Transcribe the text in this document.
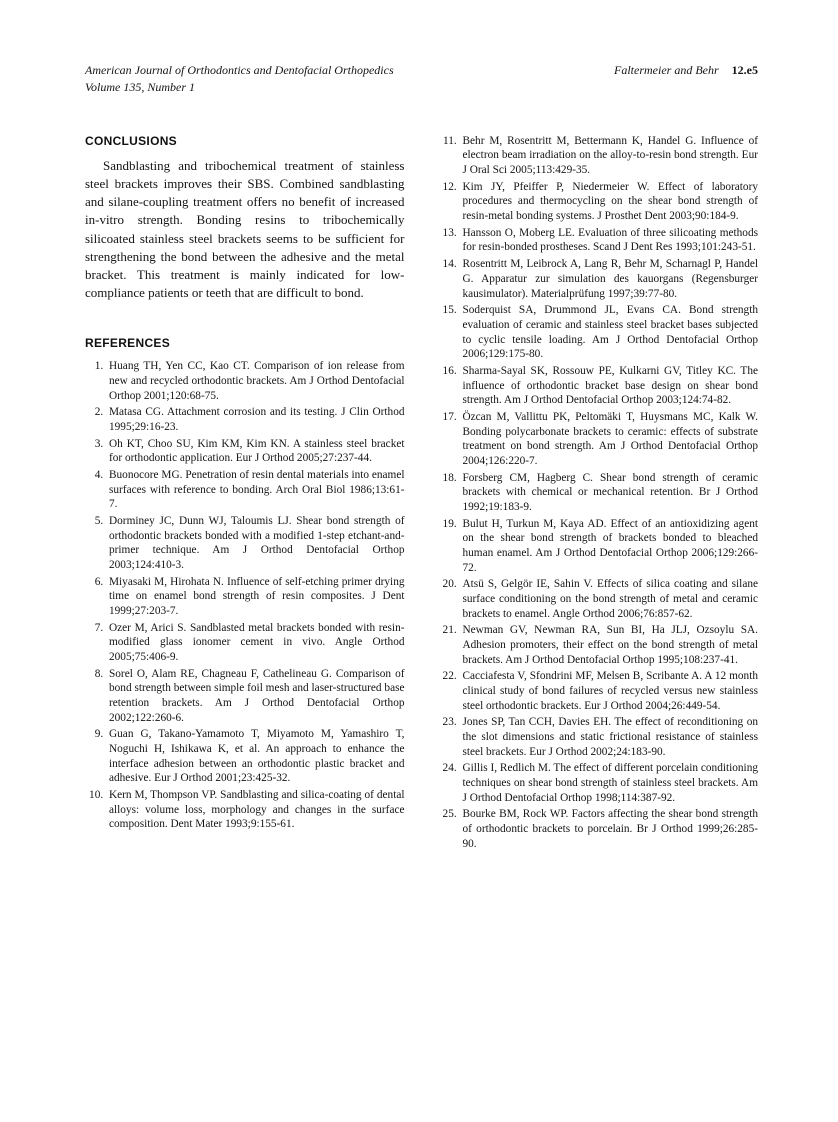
American Journal of Orthodontics and Dentofacial Orthopedics
Volume 135, Number 1
Faltermeier and Behr 12.e5
CONCLUSIONS

Sandblasting and tribochemical treatment of stainless steel brackets improves their SBS. Combined sandblasting and silane-coupling treatment offers no benefit of increased in-vitro strength. Bonding resins to tribochemically silicoated stainless steel brackets seems to be sufficient for strengthening the bond between the adhesive and the metal bracket. This treatment is mainly indicated for low-compliance patients or teeth that are difficult to bond.

REFERENCES
1. Huang TH, Yen CC, Kao CT. Comparison of ion release from new and recycled orthodontic brackets. Am J Orthod Dentofacial Orthop 2001;120:68-75.
2. Matasa CG. Attachment corrosion and its testing. J Clin Orthod 1995;29:16-23.
3. Oh KT, Choo SU, Kim KM, Kim KN. A stainless steel bracket for orthodontic application. Eur J Orthod 2005;27:237-44.
4. Buonocore MG. Penetration of resin dental materials into enamel surfaces with reference to bonding. Arch Oral Biol 1986;13:61-7.
5. Dorminey JC, Dunn WJ, Taloumis LJ. Shear bond strength of orthodontic brackets bonded with a modified 1-step etchant-and-primer technique. Am J Orthod Dentofacial Orthop 2003;124:410-3.
6. Miyasaki M, Hirohata N. Influence of self-etching primer drying time on enamel bond strength of resin composites. J Dent 1999;27:203-7.
7. Ozer M, Arici S. Sandblasted metal brackets bonded with resin-modified glass ionomer cement in vivo. Angle Orthod 2005;75:406-9.
8. Sorel O, Alam RE, Chagneau F, Cathelineau G. Comparison of bond strength between simple foil mesh and laser-structured base retention brackets. Am J Orthod Dentofacial Orthop 2002;122:260-6.
9. Guan G, Takano-Yamamoto T, Miyamoto M, Yamashiro T, Noguchi H, Ishikawa K, et al. An approach to enhance the interface adhesion between an orthodontic plastic bracket and adhesive. Eur J Orthod 2001;23:425-32.
10. Kern M, Thompson VP. Sandblasting and silica-coating of dental alloys: volume loss, morphology and changes in the surface composition. Dent Mater 1993;9:155-61.
11. Behr M, Rosentritt M, Bettermann K, Handel G. Influence of electron beam irradiation on the alloy-to-resin bond strength. Eur J Oral Sci 2005;113:429-35.
12. Kim JY, Pfeiffer P, Niedermeier W. Effect of laboratory procedures and thermocycling on the shear bond strength of resin-metal bonding systems. J Prosthet Dent 2003;90:184-9.
13. Hansson O, Moberg LE. Evaluation of three silicoating methods for resin-bonded prostheses. Scand J Dent Res 1993;101:243-51.
14. Rosentritt M, Leibrock A, Lang R, Behr M, Scharnagl P, Handel G. Apparatur zur simulation des kauorgans (Regensburger kausimulator). Materialprüfung 1997;39:77-80.
15. Soderquist SA, Drummond JL, Evans CA. Bond strength evaluation of ceramic and stainless steel bracket bases subjected to cyclic tensile loading. Am J Orthod Dentofacial Orthop 2006;129:175-80.
16. Sharma-Sayal SK, Rossouw PE, Kulkarni GV, Titley KC. The influence of orthodontic bracket base design on shear bond strength. Am J Orthod Dentofacial Orthop 2003;124:74-82.
17. Özcan M, Vallittu PK, Peltomäki T, Huysmans MC, Kalk W. Bonding polycarbonate brackets to ceramic: effects of substrate treatment on bond strength. Am J Orthod Dentofacial Orthop 2004;126:220-7.
18. Forsberg CM, Hagberg C. Shear bond strength of ceramic brackets with chemical or mechanical retention. Br J Orthod 1992;19:183-9.
19. Bulut H, Turkun M, Kaya AD. Effect of an antioxidizing agent on the shear bond strength of brackets bonded to bleached human enamel. Am J Orthod Dentofacial Orthop 2006;129:266-72.
20. Atsü S, Gelgör IE, Sahin V. Effects of silica coating and silane surface conditioning on the bond strength of metal and ceramic brackets to enamel. Angle Orthod 2006;76:857-62.
21. Newman GV, Newman RA, Sun BI, Ha JLJ, Ozsoylu SA. Adhesion promoters, their effect on the bond strength of metal brackets. Am J Orthod Dentofacial Orthop 1995;108:237-41.
22. Cacciafesta V, Sfondrini MF, Melsen B, Scribante A. A 12 month clinical study of bond failures of recycled versus new stainless steel orthodontic brackets. Eur J Orthod 2004;26:449-54.
23. Jones SP, Tan CCH, Davies EH. The effect of reconditioning on the slot dimensions and static frictional resistance of stainless steel brackets. Eur J Orthod 2002;24:183-90.
24. Gillis I, Redlich M. The effect of different porcelain conditioning techniques on shear bond strength of stainless steel brackets. Am J Orthod Dentofacial Orthop 1998;114:387-92.
25. Bourke BM, Rock WP. Factors affecting the shear bond strength of orthodontic brackets to porcelain. Br J Orthod 1999;26:285-90.
